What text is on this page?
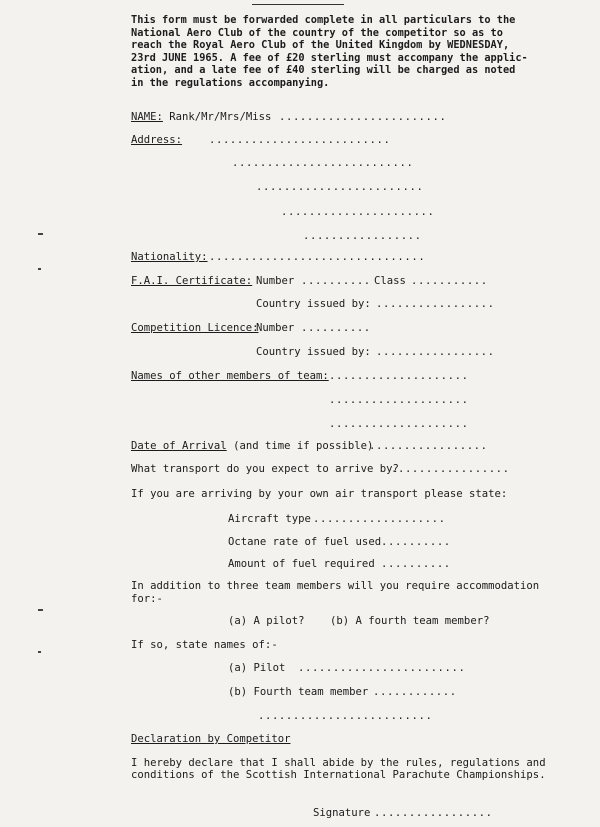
This form must be forwarded complete in all particulars to the
National Aero Club of the country of the competitor so as to
reach the Royal Aero Club of the United Kingdom by WEDNESDAY,
23rd JUNE 1965. A fee of £20 sterling must accompany the applic-
ation, and a late fee of £40 sterling will be charged as noted
in the regulations accompanying.
NAME: Rank/Mr/Mrs/Miss ........................
Address:	..........................
..........................
........................
......................
.................
Nationality: ...............................
F.A.I. Certificate: Number .......... Class ...........
Country issued by: .................
Competition Licence:
Number ..........
Country issued by: .................
Names of other members of team: ....................
....................
....................
Date of Arrival (and time if possible)
.................
What transport do you expect to arrive by?
.................
If you are arriving by your own air transport please state:
Aircraft type ...................
Octane rate of fuel used ..........
Amount of fuel required ..........
In addition to three team members will you require accommodation
for:-
(a) A pilot? (b) A fourth team member?
If so, state names of:-
(a) Pilot ........................
(b) Fourth team member ............
.........................
Declaration by Competitor
I hereby declare that I shall abide by the rules, regulations and
conditions of the Scottish International Parachute Championships.
Signature .................
